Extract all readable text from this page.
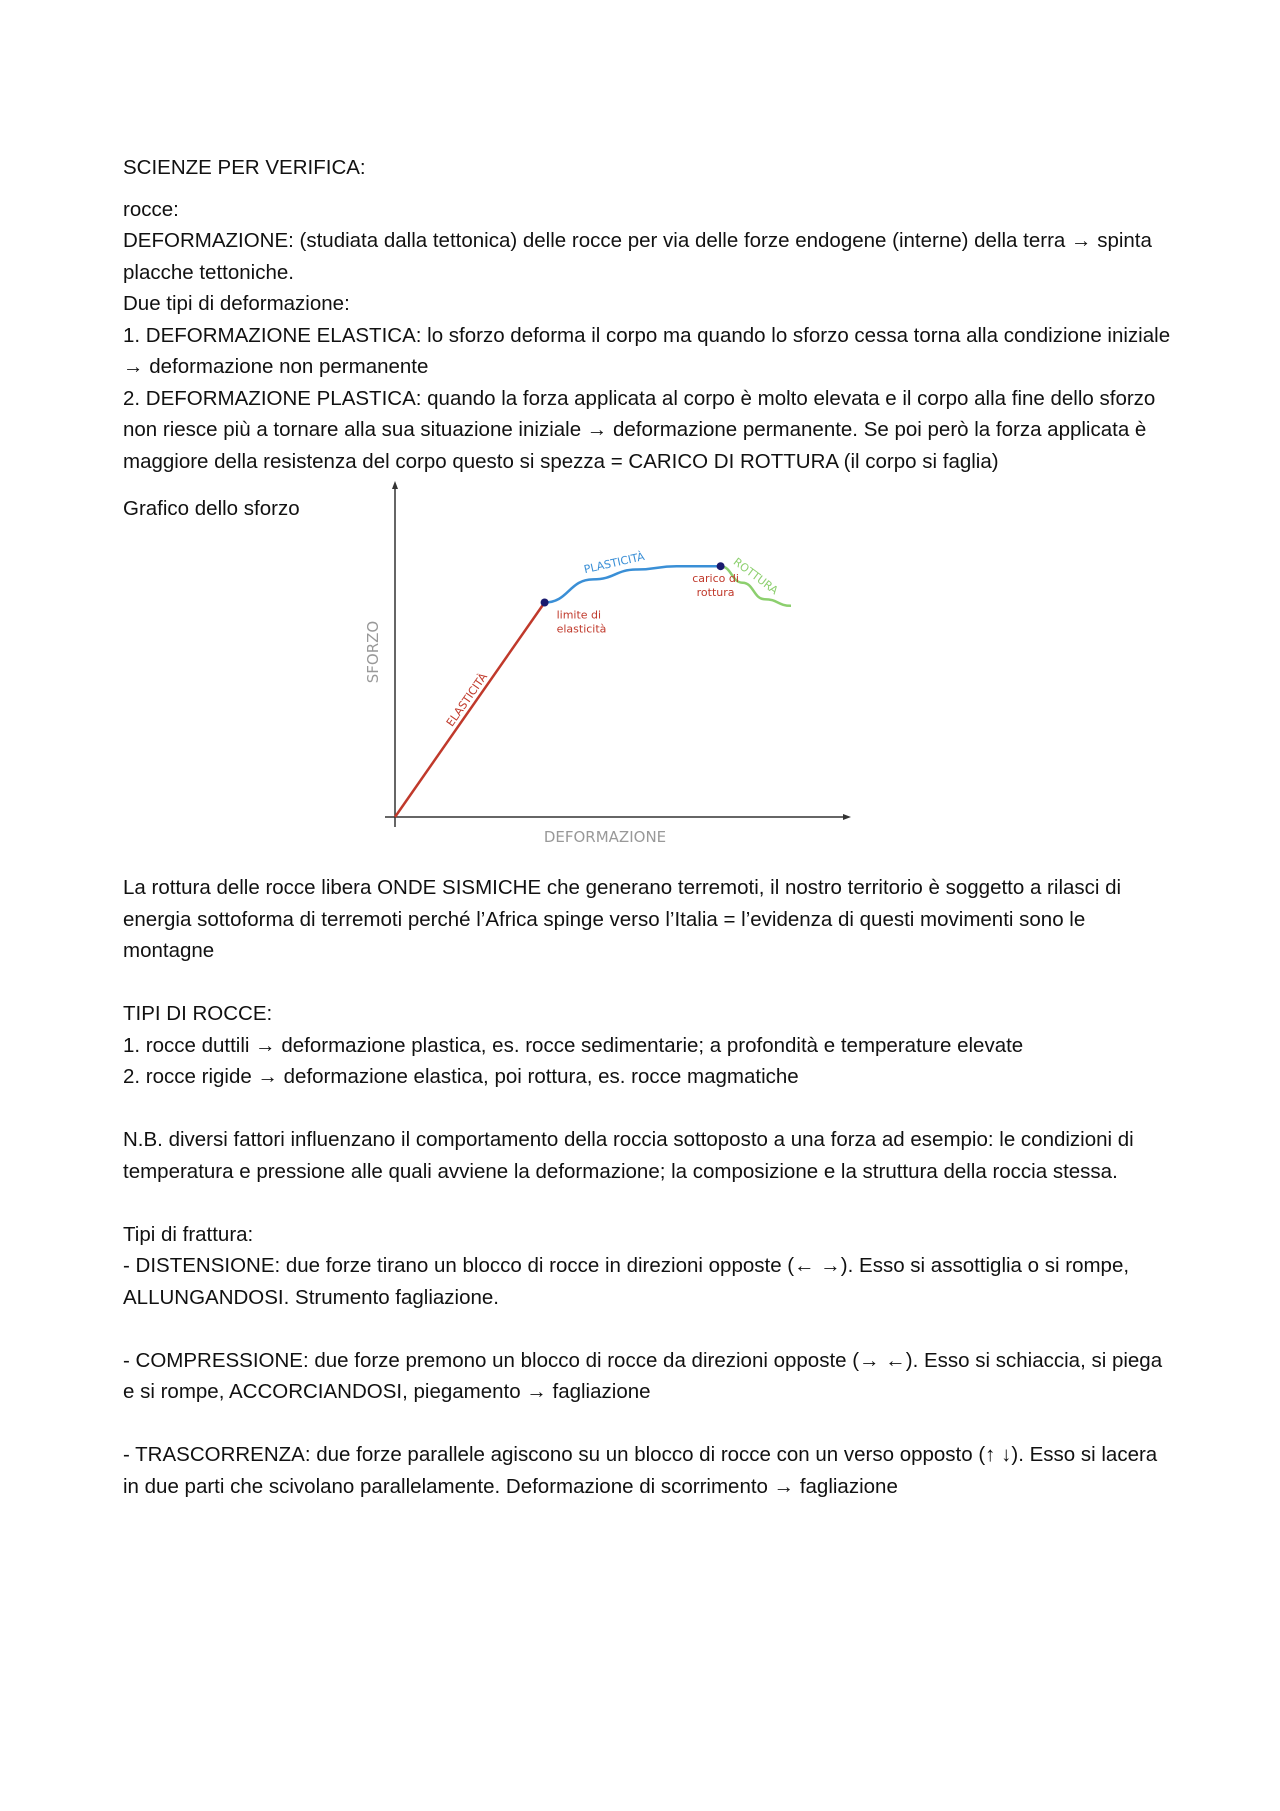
SCIENZE PER VERIFICA:

rocce:

DEFORMAZIONE: (studiata dalla tettonica) delle rocce per via delle forze endogene (interne) della terra → spinta placche tettoniche.

Due tipi di deformazione:

1. DEFORMAZIONE ELASTICA: lo sforzo deforma il corpo ma quando lo sforzo cessa torna alla condizione iniziale → deformazione non permanente

2. DEFORMAZIONE PLASTICA: quando la forza applicata al corpo è molto elevata e il corpo alla fine dello sforzo non riesce più a tornare alla sua situazione iniziale → deformazione permanente. Se poi però la forza applicata è maggiore della resistenza del corpo questo si spezza = CARICO DI ROTTURA (il corpo si faglia)

Grafico dello sforzo

DEFORMAZIONE
SFORZO
ELASTICITÀ
PLASTICITÀ	ROTTURA
limite di
elasticità
carico di
rottura

La rottura delle rocce libera ONDE SISMICHE che generano terremoti, il nostro territorio è soggetto a rilasci di energia sottoforma di terremoti perché l’Africa spinge verso l’Italia = l’evidenza di questi movimenti sono le montagne

TIPI DI ROCCE:

1. rocce duttili → deformazione plastica, es. rocce sedimentarie; a profondità e temperature elevate

2. rocce rigide → deformazione elastica, poi rottura, es. rocce magmatiche

N.B. diversi fattori influenzano il comportamento della roccia sottoposto a una forza ad esempio: le condizioni di temperatura e pressione alle quali avviene la deformazione; la composizione e la struttura della roccia stessa.

Tipi di frattura:

- DISTENSIONE: due forze tirano un blocco di rocce in direzioni opposte (← →). Esso si assottiglia o si rompe, ALLUNGANDOSI. Strumento fagliazione.

- COMPRESSIONE: due forze premono un blocco di rocce da direzioni opposte (→ ←). Esso si schiaccia, si piega e si rompe, ACCORCIANDOSI, piegamento → fagliazione

- TRASCORRENZA: due forze parallele agiscono su un blocco di rocce con un verso opposto (↑ ↓). Esso si lacera in due parti che scivolano parallelamente. Deformazione di scorrimento → fagliazione
